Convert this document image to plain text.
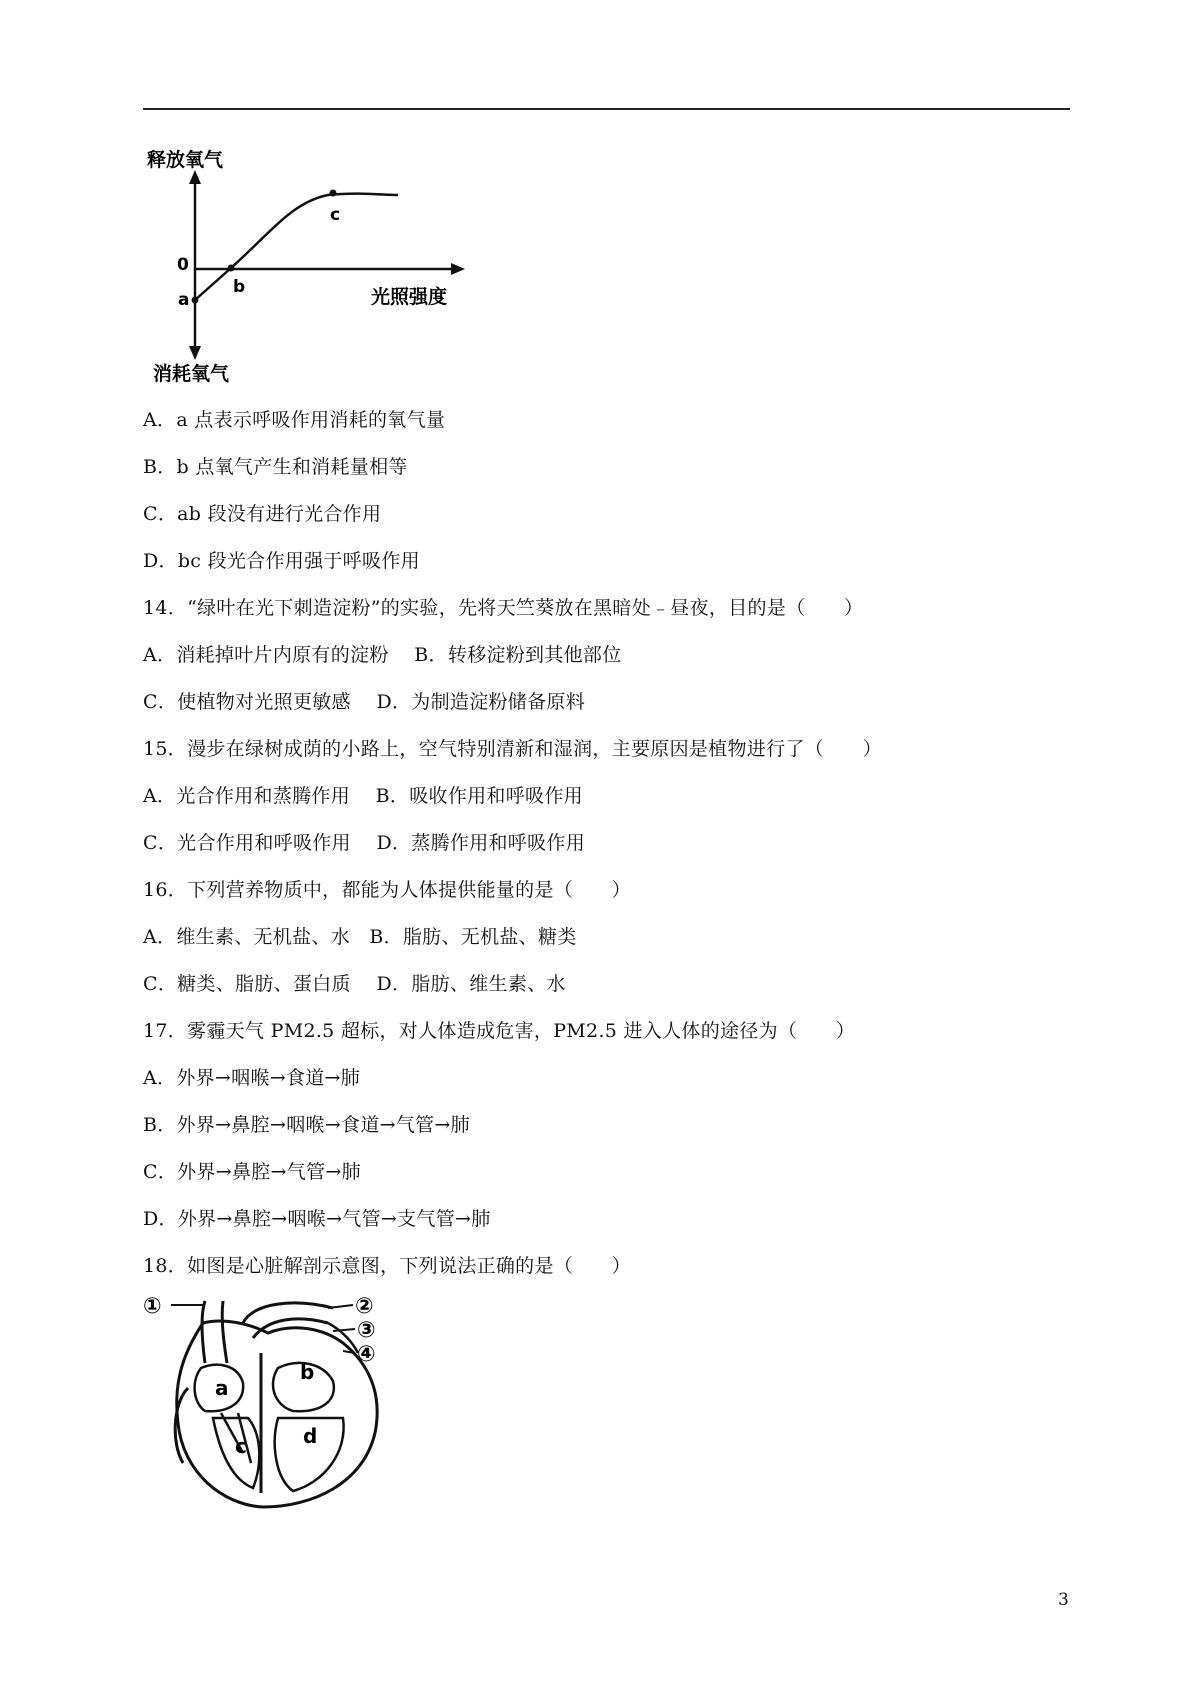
释放氧气
消耗氧气
光照强度
0
a
b
c
A．a 点表示呼吸作用消耗的氧气量
B．b 点氧气产生和消耗量相等
C．ab 段没有进行光合作用
D．bc 段光合作用强于呼吸作用
14．“绿叶在光下刺造淀粉”的实验，先将天竺葵放在黑暗处﹣昼夜，目的是（　　）
A．消耗掉叶片内原有的淀粉　 B．转移淀粉到其他部位
C．使植物对光照更敏感　 D．为制造淀粉储备原料
15．漫步在绿树成荫的小路上，空气特别清新和湿润，主要原因是植物进行了（　　）
A．光合作用和蒸腾作用　 B．吸收作用和呼吸作用
C．光合作用和呼吸作用　 D．蒸腾作用和呼吸作用
16．下列营养物质中，都能为人体提供能量的是（　　）
A．维生素、无机盐、水　B．脂肪、无机盐、糖类
C．糖类、脂肪、蛋白质　 D．脂肪、维生素、水
17．雾霾天气 PM2.5 超标，对人体造成危害，PM2.5 进入人体的途径为（　　）
A．外界→咽喉→食道→肺
B．外界→鼻腔→咽喉→食道→气管→肺
C．外界→鼻腔→气管→肺
D．外界→鼻腔→咽喉→气管→支气管→肺
18．如图是心脏解剖示意图，下列说法正确的是（　　）
①	②
③
④
a
b
c	d
3
